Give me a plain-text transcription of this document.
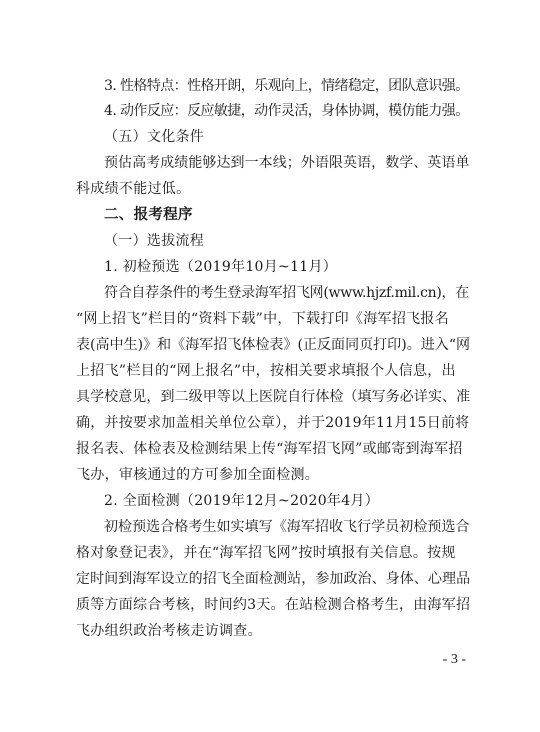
3. 性格特点：性格开朗，乐观向上，情绪稳定，团队意识强。
4. 动作反应：反应敏捷，动作灵活，身体协调，模仿能力强。
（五）文化条件
预估高考成绩能够达到一本线；外语限英语，数学、英语单
科成绩不能过低。
二、报考程序
（一）选拔流程
1. 初检预选（2019年10月~11月）
符合自荐条件的考生登录海军招飞网(www.hjzf.mil.cn)，在
“网上招飞”栏目的“资料下载”中，下载打印《海军招飞报名
表(高中生)》和《海军招飞体检表》(正反面同页打印)。进入“网
上招飞”栏目的“网上报名”中，按相关要求填报个人信息，出
具学校意见，到二级甲等以上医院自行体检（填写务必详实、准
确，并按要求加盖相关单位公章），并于2019年11月15日前将
报名表、体检表及检测结果上传“海军招飞网”或邮寄到海军招
飞办，审核通过的方可参加全面检测。
2. 全面检测（2019年12月~2020年4月）
初检预选合格考生如实填写《海军招收飞行学员初检预选合
格对象登记表》，并在“海军招飞网”按时填报有关信息。按规
定时间到海军设立的招飞全面检测站，参加政治、身体、心理品
质等方面综合考核，时间约3天。在站检测合格考生，由海军招
飞办组织政治考核走访调查。
- 3 -
